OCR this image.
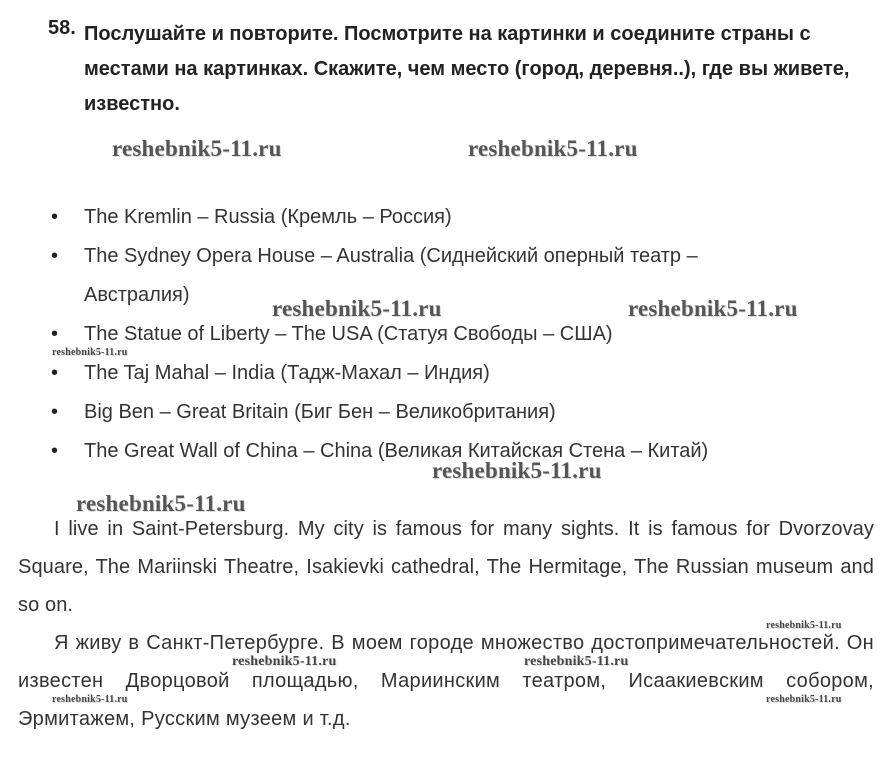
58. Послушайте и повторите. Посмотрите на картинки и соедините страны с местами на картинках. Скажите, чем место (город, деревня..), где вы живете, известно.
• The Kremlin – Russia (Кремль – Россия)
• The Sydney Opera House – Australia (Сиднейский оперный театр – Австралия)
• The Statue of Liberty – The USA (Статуя Свободы – США)
• The Taj Mahal – India (Тадж-Махал – Индия)
• Big Ben – Great Britain (Биг Бен – Великобритания)
• The Great Wall of China – China (Великая Китайская Стена – Китай)
I live in Saint-Petersburg. My city is famous for many sights. It is famous for Dvorzovay Square, The Mariinski Theatre, Isakievki cathedral, The Hermitage, The Russian museum and so on.
Я живу в Санкт-Петербурге. В моем городе множество достопримечательностей. Он известен Дворцовой площадью, Мариинским театром, Исаакиевским собором, Эрмитажем, Русским музеем и т.д.
reshebnik5-11.ru	reshebnik5-11.ru
reshebnik5-11.ru	reshebnik5-11.ru
reshebnik5-11.ru
reshebnik5-11.ru
reshebnik5-11.ru
reshebnik5-11.ru
reshebnik5-11.ru	reshebnik5-11.ru
reshebnik5-11.ru	reshebnik5-11.ru
